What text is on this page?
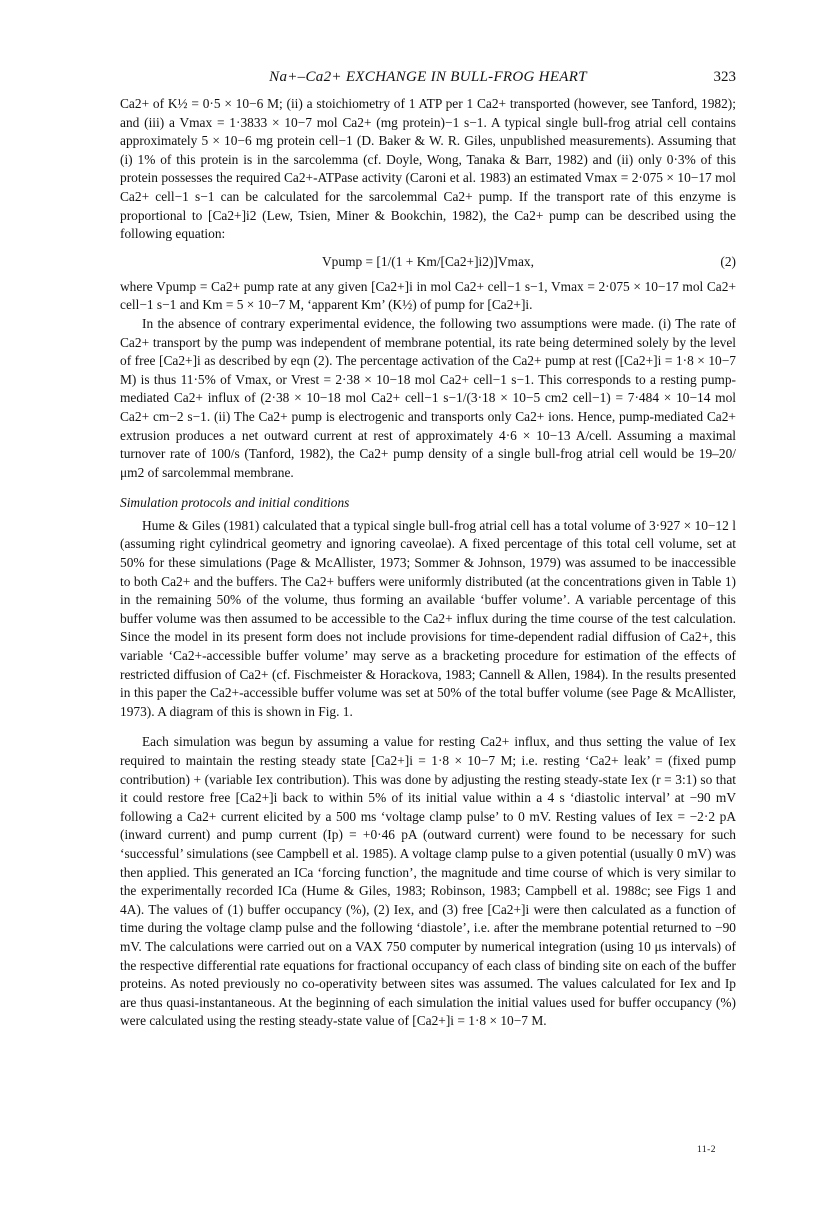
Na+–Ca2+ EXCHANGE IN BULL-FROG HEART	323

Ca2+ of K½ = 0·5 × 10−6 M; (ii) a stoichiometry of 1 ATP per 1 Ca2+ transported (however, see Tanford, 1982); and (iii) a Vmax = 1·3833 × 10−7 mol Ca2+ (mg protein)−1 s−1. A typical single bull-frog atrial cell contains approximately 5 × 10−6 mg protein cell−1 (D. Baker & W. R. Giles, unpublished measurements). Assuming that (i) 1% of this protein is in the sarcolemma (cf. Doyle, Wong, Tanaka & Barr, 1982) and (ii) only 0·3% of this protein possesses the required Ca2+-ATPase activity (Caroni et al. 1983) an estimated Vmax = 2·075 × 10−17 mol Ca2+ cell−1 s−1 can be calculated for the sarcolemmal Ca2+ pump. If the transport rate of this enzyme is proportional to [Ca2+]i2 (Lew, Tsien, Miner & Bookchin, 1982), the Ca2+ pump can be described using the following equation:

Vpump = [1/(1 + Km/[Ca2+]i2)]Vmax,	(2)

where Vpump = Ca2+ pump rate at any given [Ca2+]i in mol Ca2+ cell−1 s−1, Vmax = 2·075 × 10−17 mol Ca2+ cell−1 s−1 and Km = 5 × 10−7 M, ‘apparent Km’ (K½) of pump for [Ca2+]i.

In the absence of contrary experimental evidence, the following two assumptions were made. (i) The rate of Ca2+ transport by the pump was independent of membrane potential, its rate being determined solely by the level of free [Ca2+]i as described by eqn (2). The percentage activation of the Ca2+ pump at rest ([Ca2+]i = 1·8 × 10−7 M) is thus 11·5% of Vmax, or Vrest = 2·38 × 10−18 mol Ca2+ cell−1 s−1. This corresponds to a resting pump-mediated Ca2+ influx of (2·38 × 10−18 mol Ca2+ cell−1 s−1/(3·18 × 10−5 cm2 cell−1) = 7·484 × 10−14 mol Ca2+ cm−2 s−1. (ii) The Ca2+ pump is electrogenic and transports only Ca2+ ions. Hence, pump-mediated Ca2+ extrusion produces a net outward current at rest of approximately 4·6 × 10−13 A/cell. Assuming a maximal turnover rate of 100/s (Tanford, 1982), the Ca2+ pump density of a single bull-frog atrial cell would be 19–20/μm2 of sarcolemmal membrane.

Simulation protocols and initial conditions

Hume & Giles (1981) calculated that a typical single bull-frog atrial cell has a total volume of 3·927 × 10−12 l (assuming right cylindrical geometry and ignoring caveolae). A fixed percentage of this total cell volume, set at 50% for these simulations (Page & McAllister, 1973; Sommer & Johnson, 1979) was assumed to be inaccessible to both Ca2+ and the buffers. The Ca2+ buffers were uniformly distributed (at the concentrations given in Table 1) in the remaining 50% of the volume, thus forming an available ‘buffer volume’. A variable percentage of this buffer volume was then assumed to be accessible to the Ca2+ influx during the time course of the test calculation. Since the model in its present form does not include provisions for time-dependent radial diffusion of Ca2+, this variable ‘Ca2+-accessible buffer volume’ may serve as a bracketing procedure for estimation of the effects of restricted diffusion of Ca2+ (cf. Fischmeister & Horackova, 1983; Cannell & Allen, 1984). In the results presented in this paper the Ca2+-accessible buffer volume was set at 50% of the total buffer volume (see Page & McAllister, 1973). A diagram of this is shown in Fig. 1.

Each simulation was begun by assuming a value for resting Ca2+ influx, and thus setting the value of Iex required to maintain the resting steady state [Ca2+]i = 1·8 × 10−7 M; i.e. resting ‘Ca2+ leak’ = (fixed pump contribution) + (variable Iex contribution). This was done by adjusting the resting steady-state Iex (r = 3:1) so that it could restore free [Ca2+]i back to within 5% of its initial value within a 4 s ‘diastolic interval’ at −90 mV following a Ca2+ current elicited by a 500 ms ‘voltage clamp pulse’ to 0 mV. Resting values of Iex = −2·2 pA (inward current) and pump current (Ip) = +0·46 pA (outward current) were found to be necessary for such ‘successful’ simulations (see Campbell et al. 1985). A voltage clamp pulse to a given potential (usually 0 mV) was then applied. This generated an ICa ‘forcing function’, the magnitude and time course of which is very similar to the experimentally recorded ICa (Hume & Giles, 1983; Robinson, 1983; Campbell et al. 1988c; see Figs 1 and 4A). The values of (1) buffer occupancy (%), (2) Iex, and (3) free [Ca2+]i were then calculated as a function of time during the voltage clamp pulse and the following ‘diastole’, i.e. after the membrane potential returned to −90 mV. The calculations were carried out on a VAX 750 computer by numerical integration (using 10 μs intervals) of the respective differential rate equations for fractional occupancy of each class of binding site on each of the buffer proteins. As noted previously no co-operativity between sites was assumed. The values calculated for Iex and Ip are thus quasi-instantaneous. At the beginning of each simulation the initial values used for buffer occupancy (%) were calculated using the resting steady-state value of [Ca2+]i = 1·8 × 10−7 M.

11-2
